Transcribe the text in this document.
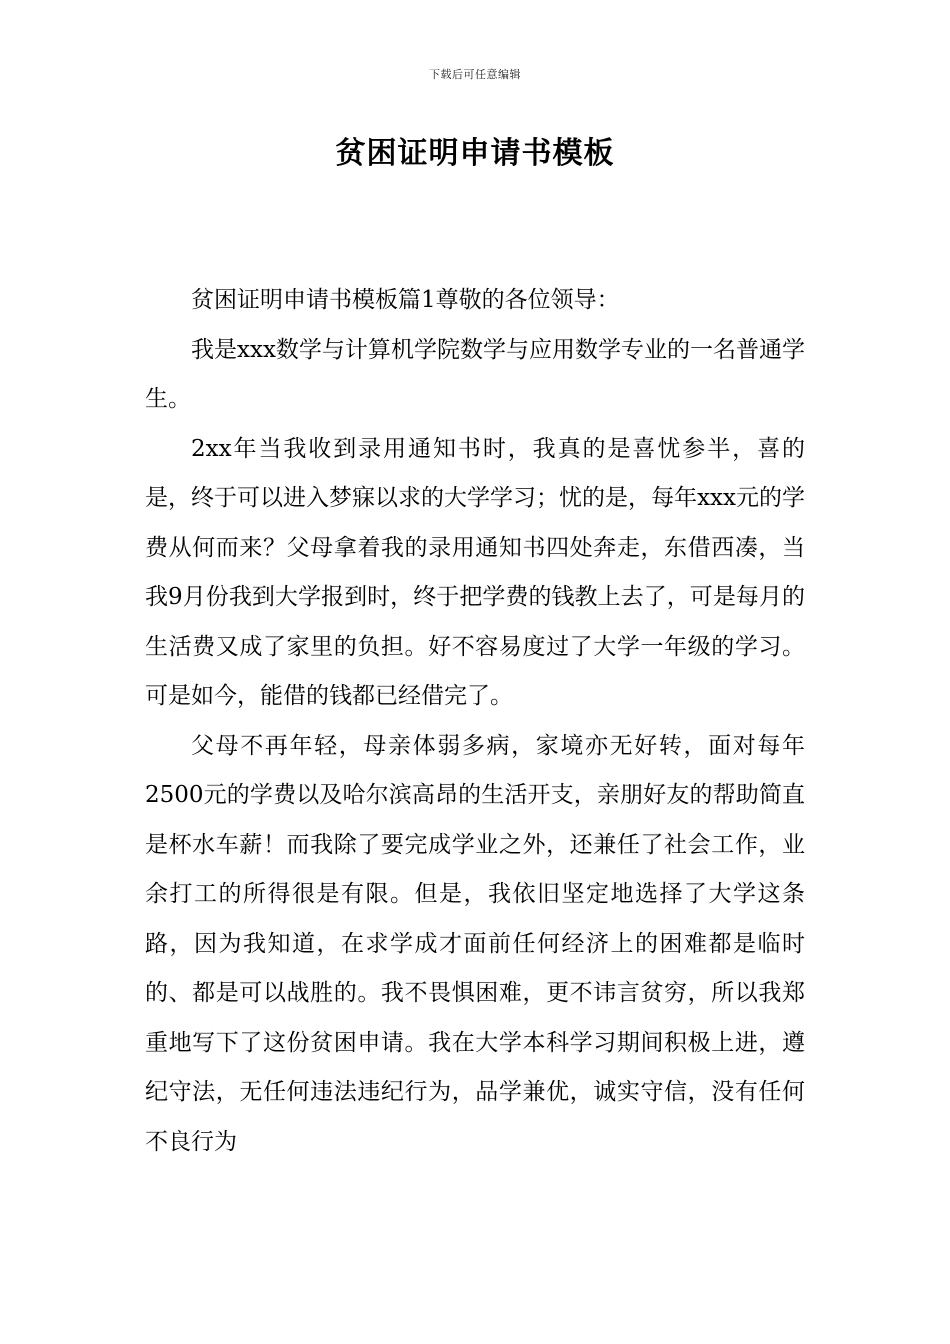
下载后可任意编辑
贫困证明申请书模板

贫困证明申请书模板篇1尊敬的各位领导：

我是xxx数学与计算机学院数学与应用数学专业的一名普通学生。

2xx年当我收到录用通知书时，我真的是喜忧参半，喜的是，终于可以进入梦寐以求的大学学习；忧的是，每年xxx元的学费从何而来？父母拿着我的录用通知书四处奔走，东借西凑，当我9月份我到大学报到时，终于把学费的钱教上去了，可是每月的生活费又成了家里的负担。好不容易度过了大学一年级的学习。可是如今，能借的钱都已经借完了。

父母不再年轻，母亲体弱多病，家境亦无好转，面对每年2500元的学费以及哈尔滨高昂的生活开支，亲朋好友的帮助简直是杯水车薪！而我除了要完成学业之外，还兼任了社会工作，业余打工的所得很是有限。但是，我依旧坚定地选择了大学这条路，因为我知道，在求学成才面前任何经济上的困难都是临时的、都是可以战胜的。我不畏惧困难，更不讳言贫穷，所以我郑重地写下了这份贫困申请。我在大学本科学习期间积极上进，遵纪守法，无任何违法违纪行为，品学兼优，诚实守信，没有任何不良行为
